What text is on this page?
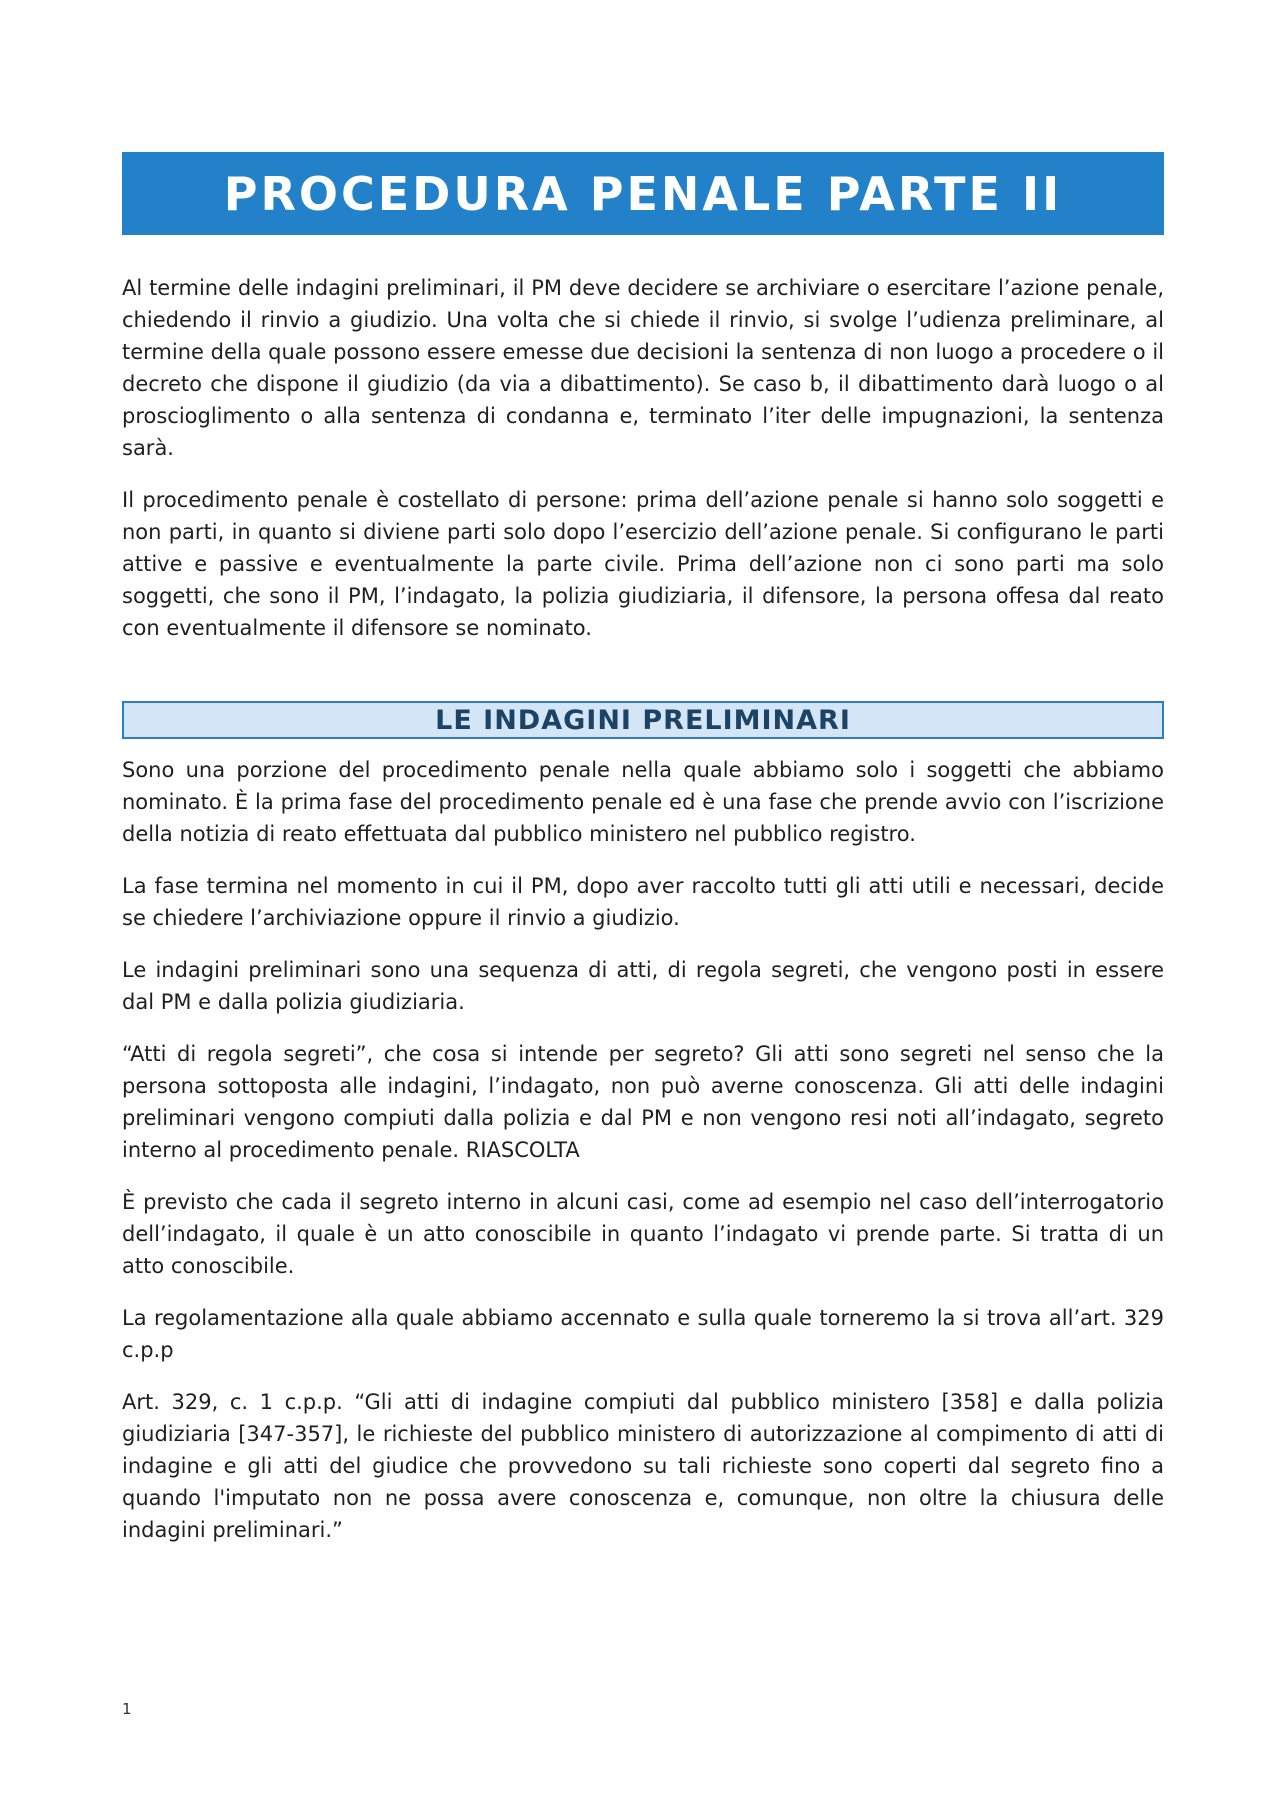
PROCEDURA PENALE PARTE II

Al termine delle indagini preliminari, il PM deve decidere se archiviare o esercitare l’azione penale, chiedendo il rinvio a giudizio. Una volta che si chiede il rinvio, si svolge l’udienza preliminare, al termine della quale possono essere emesse due decisioni la sentenza di non luogo a procedere o il decreto che dispone il giudizio (da via a dibattimento). Se caso b, il dibattimento darà luogo o al proscioglimento o alla sentenza di condanna e, terminato l’iter delle impugnazioni, la sentenza sarà.

Il procedimento penale è costellato di persone: prima dell’azione penale si hanno solo soggetti e non parti, in quanto si diviene parti solo dopo l’esercizio dell’azione penale. Si configurano le parti attive e passive e eventualmente la parte civile. Prima dell’azione non ci sono parti ma solo soggetti, che sono il PM, l’indagato, la polizia giudiziaria, il difensore, la persona offesa dal reato con eventualmente il difensore se nominato.

LE INDAGINI PRELIMINARI

Sono una porzione del procedimento penale nella quale abbiamo solo i soggetti che abbiamo nominato. È la prima fase del procedimento penale ed è una fase che prende avvio con l’iscrizione della notizia di reato effettuata dal pubblico ministero nel pubblico registro.

La fase termina nel momento in cui il PM, dopo aver raccolto tutti gli atti utili e necessari, decide se chiedere l’archiviazione oppure il rinvio a giudizio.

Le indagini preliminari sono una sequenza di atti, di regola segreti, che vengono posti in essere dal PM e dalla polizia giudiziaria.

“Atti di regola segreti”, che cosa si intende per segreto? Gli atti sono segreti nel senso che la persona sottoposta alle indagini, l’indagato, non può averne conoscenza. Gli atti delle indagini preliminari vengono compiuti dalla polizia e dal PM e non vengono resi noti all’indagato, segreto interno al procedimento penale. RIASCOLTA

È previsto che cada il segreto interno in alcuni casi, come ad esempio nel caso dell’interrogatorio dell’indagato, il quale è un atto conoscibile in quanto l’indagato vi prende parte. Si tratta di un atto conoscibile.

La regolamentazione alla quale abbiamo accennato e sulla quale torneremo la si trova all’art. 329 c.p.p

Art. 329, c. 1 c.p.p. “Gli atti di indagine compiuti dal pubblico ministero [358] e dalla polizia giudiziaria [347-357], le richieste del pubblico ministero di autorizzazione al compimento di atti di indagine e gli atti del giudice che provvedono su tali richieste sono coperti dal segreto fino a quando l'imputato non ne possa avere conoscenza e, comunque, non oltre la chiusura delle indagini preliminari.”

1
